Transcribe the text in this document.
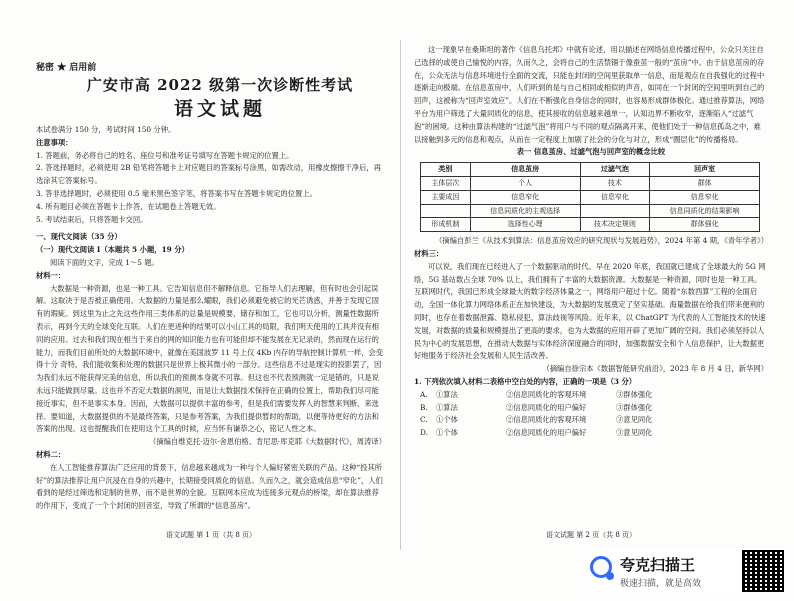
秘密 ★ 启用前
广安市高 2022 级第一次诊断性考试
语文试题

本试卷满分 150 分，考试时间 150 分钟。

注意事项：

1. 答题前，务必将自己的姓名、座位号和准考证号填写在答题卡规定的位置上。

2. 答选择题时，必须使用 2B 铅笔将答题卡上对应题目的答案标号涂黑，如需改动，用橡皮擦擦干净后，再选涂其它答案标号。

3. 答非选择题时，必须使用 0.5 毫米黑色签字笔，将答案书写在答题卡规定的位置上。

4. 所有题目必须在答题卡上作答，在试题卷上答题无效。

5. 考试结束后，只将答题卡交回。

一、现代文阅读（35 分）

（一）现代文阅读 Ⅰ（本题共 5 小题，19 分）

阅读下面的文字，完成 1～5 题。

材料一：

大数据是一种资源，也是一种工具。它告知信息但不解释信息。它指导人们去理解，但有时也会引起误解。这取决于是否被正确使用。大数据的力量是那么耀眼，我们必须避免被它的光芒诱惑，并善于发现它固有的瑕疵。到这里为止之先这些作用三类体系的总量是规模要，储存和加工，它也可以分析，测量性数据所表示，再到今天的全球变化互联。人们在更进种的结果可以小山工具的局限，我们明天使用的工具并没有相同的应用。过去和我们现在相当于来自的网的知识能力也有可能但却不能发展在无记录的，然而现在运行的能力，而我们目前所处的大数据环境中，就像在美国波罗 11 号上仅 4Kb 内存的导航控制计算机一样，会变得十分 奇特。我们能收集和处理的数据只是世界上极其微小的一部分。这些信息不过是现实的投影罢了，因为我们永远不能获得完美的信息，所以我们的预测本身就不可靠。但这也不代表预测就一定是错的，只是说永远只能做到尽量。这也并不否定大数据的洞见，而是让大数据技术保持在正确的位置上，帮助我们尽可能接近事实，但不是事实本身。因而，大数据可以提供丰富的参考，但是我们需要发挥人的智慧来判断、来选择。要知道，大数据提供的不是最终答案，只是参考答案，为我们提供暂时的帮助，以便等待更好的方法和答案的出现。这也提醒我们在使用这个工具的时候，应当怀有谦恭之心，铭记人性之本。

（摘编自维克托·迈尔-舍恩伯格、肯尼思·库克耶《大数据时代》，周涛译）

材料二：

在人工智能推荐算法广泛应用的背景下，信息越来越成为一种与个人偏好紧密关联的产品。这种“投其所好”的算法推荐让用户沉浸在自身的兴趣中，长期接受同质化的信息。久而久之，就会造成信息“窄化”，人们看到的是经过筛选和定制的世界，而不是世界的全貌。互联网本应成为连接多元观点的桥梁，却在算法推荐的作用下，变成了一个个封闭的回音室，导致了所谓的“信息茧房”。

语文试题 第 1 页（共 8 页）

这一现象早在桑斯坦的著作《信息乌托邦》中就有论述，用以描述在网络信息传播过程中，公众只关注自己选择的或使自己愉悦的内容，久而久之，会将自己的生活禁锢于像蚕茧一般的“茧房”中。由于信息茧房的存在，公众无法与信息环境进行全面的交流，只能在封闭的空间里获取单一信息，而是观点在自我强化的过程中逐渐走向极端。在信息茧房中，人们听到的是与自己相同或相似的声音，如同在一个封闭的空间里听到自己的回声，这被称为“回声室效应”。人们在不断强化自身信念的同时，也容易形成群体极化。通过推荐算法，网络平台为用户筛选了大量同质化的信息，使其接收的信息越来越单一，认知边界不断收窄，逐渐陷入“过滤气泡”的困境。这种由算法构建的“过滤气泡”将用户与不同的观点隔离开来，使他们处于一种信息孤岛之中，难以接触到多元的信息和观点，从而在一定程度上加剧了社会的分化与对立，形成“圈层化”的传播格局。

表一 信息茧房、过滤气泡与回声室的概念比较

类别	信息茧房	过滤气泡	回声室
主体层次	个人	技术	群体
主要成因	信息窄化	信息窄化	信息窄化
	信息同质化的主观选择		信息同质化的结果影响
形成机制	选择性心理	技术决定规则	群体强化

（摘编自彭兰《从技术到算法：信息茧房效应的研究现状与发展趋势》，2024 年第 4 期，《青年学者》）

材料三：

可以说，我们现在已经进入了一个数据驱动的时代。早在 2020 年底，我国就已建成了全球最大的 5G 网络，5G 基站数占全球 70% 以上，我们拥有了丰富的大数据资源。大数据是一种资源，同时也是一种工具。互联网时代，我国已形成全球最大的数字经济体量之一，网络用户超过十亿。随着“东数西算”工程的全面启动，全国一体化算力网络体系正在加快建设，为大数据的发展奠定了坚实基础。海量数据在给我们带来便利的同时，也存在着数据泄露、隐私侵犯、算法歧视等风险。近年来，以 ChatGPT 为代表的人工智能技术的快速发展，对数据的质量和规模提出了更高的要求，也为大数据的应用开辟了更加广阔的空间。我们必须坚持以人民为中心的发展思想，在推动大数据与实体经济深度融合的同时，加强数据安全和个人信息保护，让大数据更好地服务于经济社会发展和人民生活改善。

（摘编自徐宗本《数据智能研究前沿》，2023 年 8 月 4 日，新华网）

1. 下列依次填入材料二表格中空白处的内容，正确的一项是（3 分）

A.	①算法	②信息同质化的客观环境	③群体强化
B.	①算法	②信息同质化的用户偏好	③群体强化
C.	①个体	②信息同质化的客观环境	③意见同化
D.	①个体	②信息同质化的用户偏好	③意见同化
语文试题 第 2 页（共 8 页）
夸克扫描王
极速扫描，就是高效
